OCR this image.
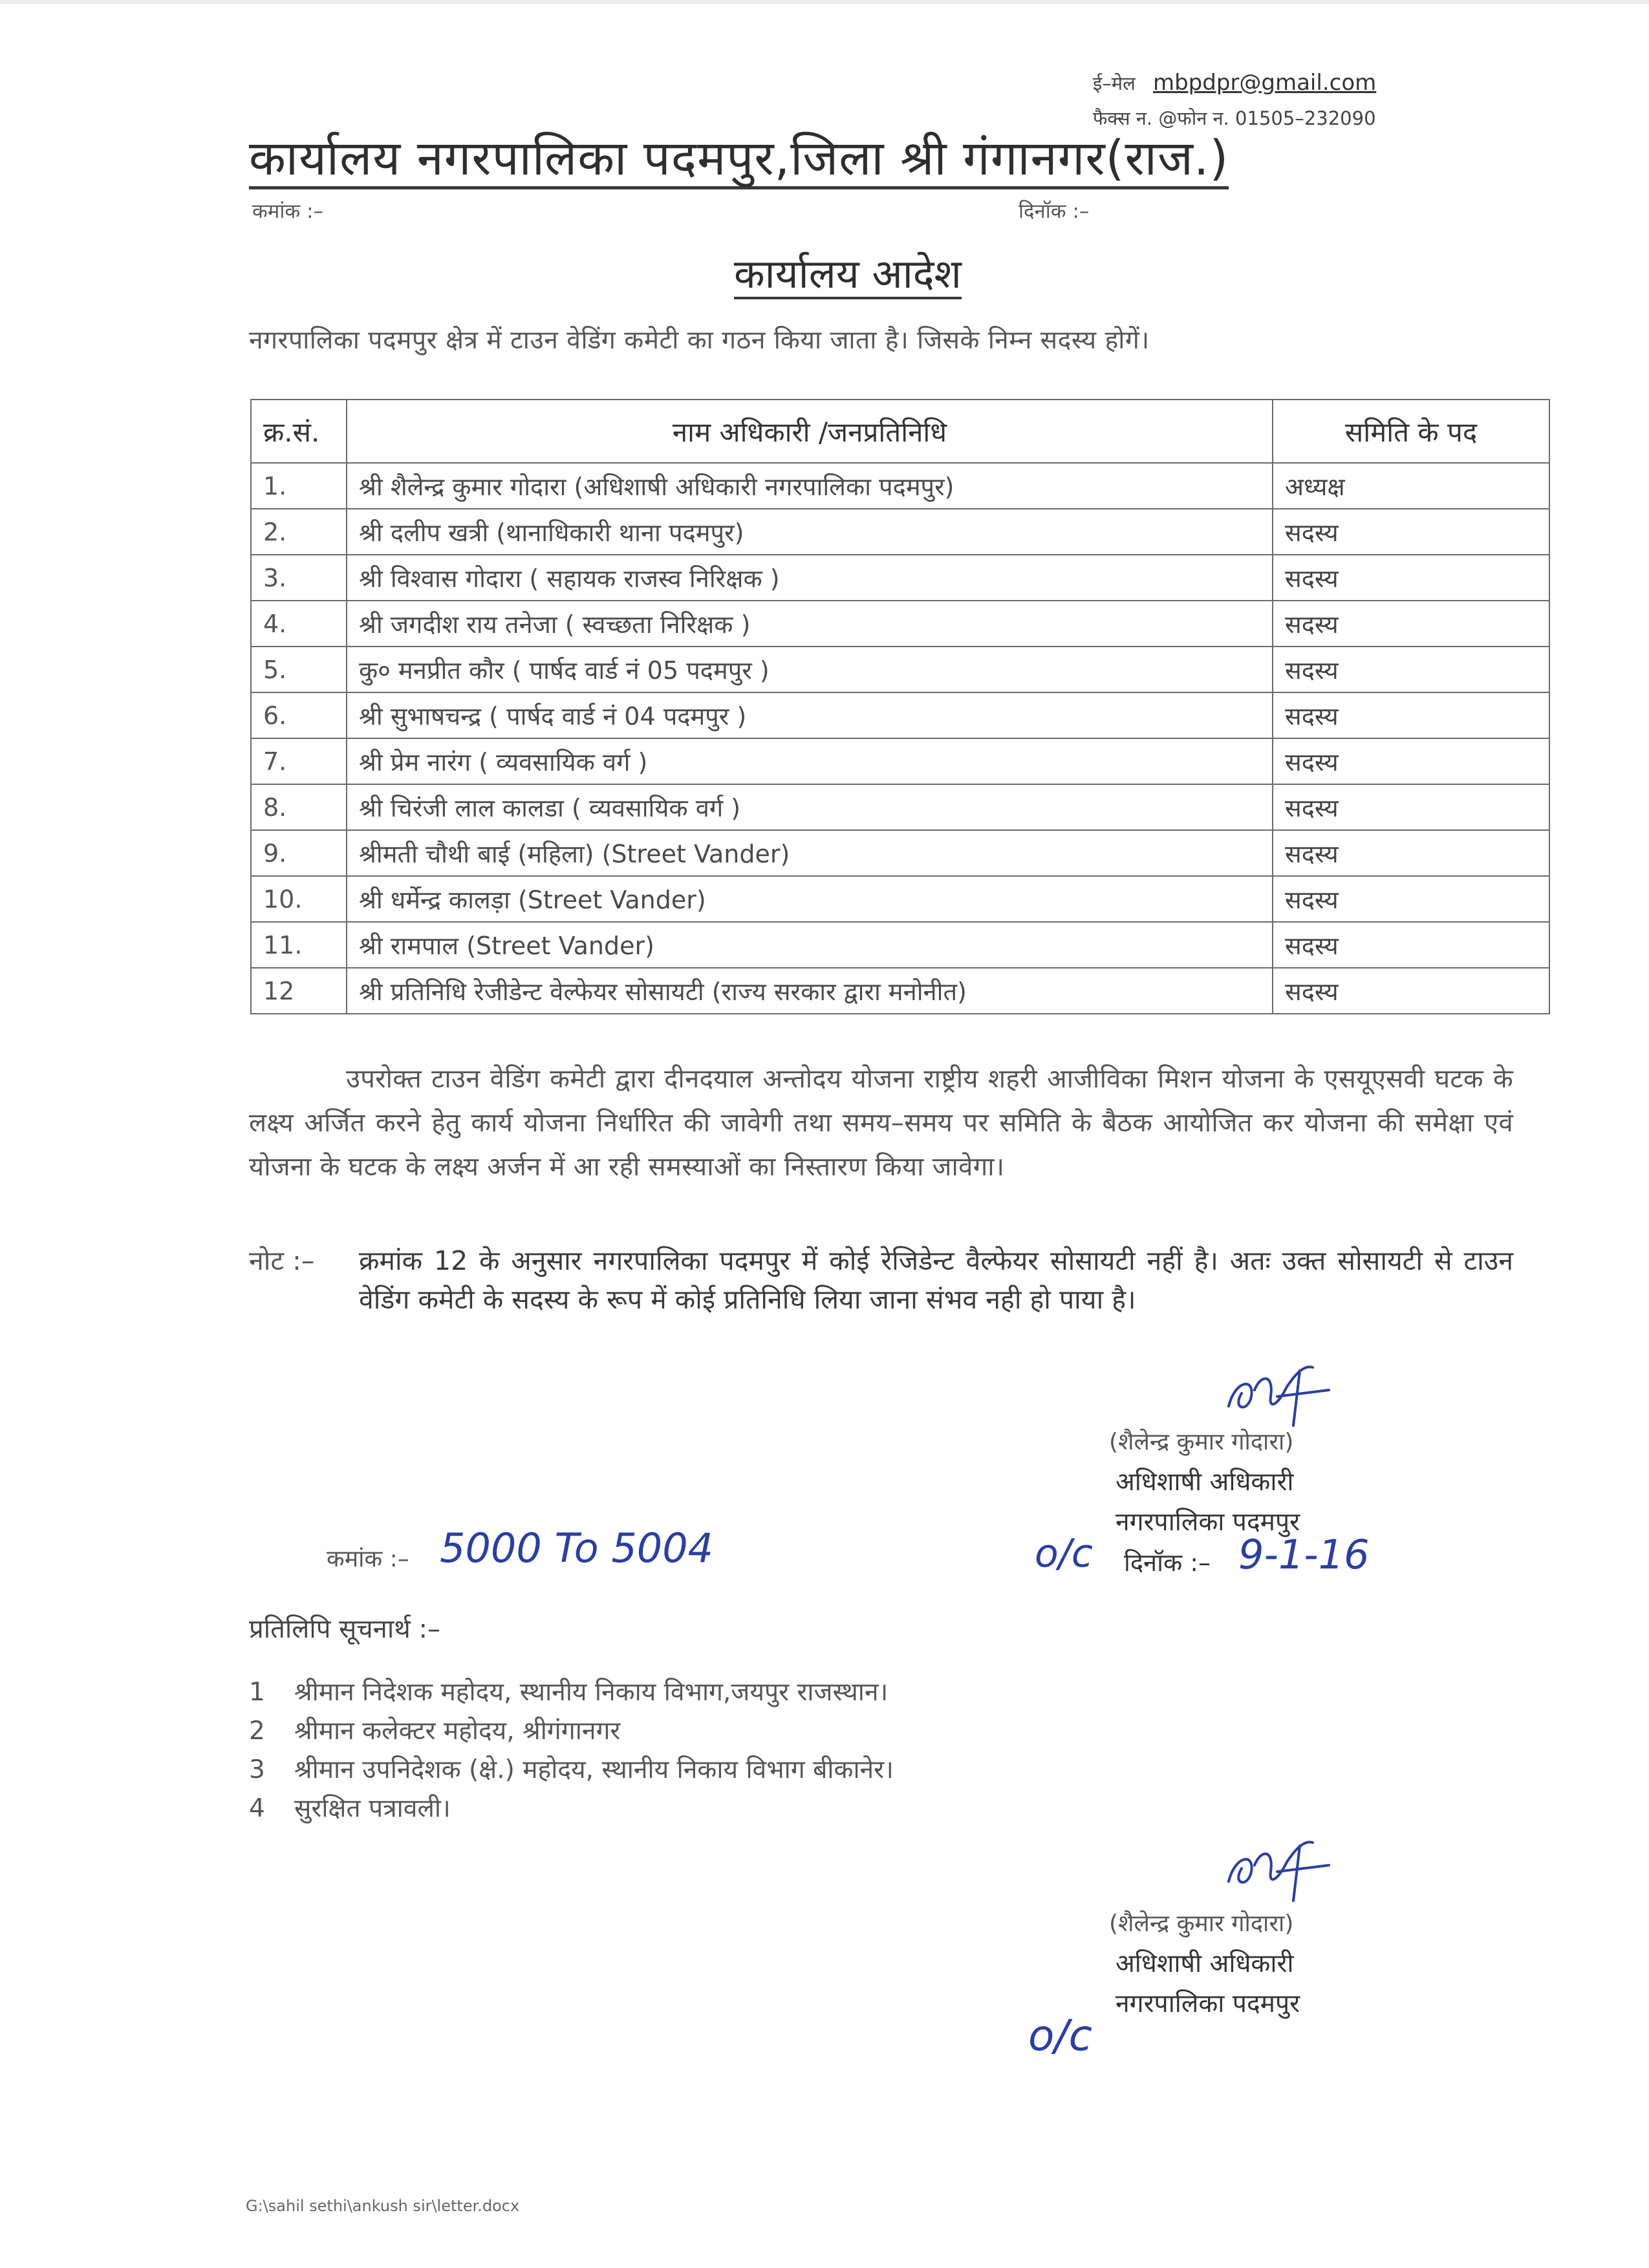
ई–मेल mbpdpr@gmail.com
फैक्स न. @फोन न. 01505–232090
कार्यालय नगरपालिका पदमपुर,जिला श्री गंगानगर(राज.)
कमांक :–	दिनॉक :–
कार्यालय आदेश
नगरपालिका पदमपुर क्षेत्र में टाउन वेडिंग कमेटी का गठन किया जाता है। जिसके निम्न सदस्य होगें।
क्र.सं.	नाम अधिकारी /जनप्रतिनिधि	समिति के पद
1.	श्री शैलेन्द्र कुमार गोदारा (अधिशाषी अधिकारी नगरपालिका पदमपुर)	अध्यक्ष
2.	श्री दलीप खत्री (थानाधिकारी थाना पदमपुर)	सदस्य
3.	श्री विश्वास गोदारा ( सहायक राजस्व निरिक्षक )	सदस्य
4.	श्री जगदीश राय तनेजा ( स्वच्छता निरिक्षक )	सदस्य
5.	कु० मनप्रीत कौर ( पार्षद वार्ड नं 05 पदमपुर )	सदस्य
6.	श्री सुभाषचन्द्र ( पार्षद वार्ड नं 04 पदमपुर )	सदस्य
7.	श्री प्रेम नारंग ( व्यवसायिक वर्ग )	सदस्य
8.	श्री चिरंजी लाल कालडा ( व्यवसायिक वर्ग )	सदस्य
9.	श्रीमती चौथी बाई (महिला) (Street Vander)	सदस्य
10.	श्री धर्मेन्द्र कालड़ा (Street Vander)	सदस्य
11.	श्री रामपाल (Street Vander)	सदस्य
12	श्री प्रतिनिधि रेजीडेन्ट वेल्फेयर सोसायटी (राज्य सरकार द्वारा मनोनीत)	सदस्य
उपरोक्त टाउन वेडिंग कमेटी द्वारा दीनदयाल अन्तोदय योजना राष्ट्रीय शहरी आजीविका मिशन योजना के एसयूएसवी घटक के लक्ष्य अर्जित करने हेतु कार्य योजना निर्धारित की जावेगी तथा समय–समय पर समिति के बैठक आयोजित कर योजना की समेक्षा एवं योजना के घटक के लक्ष्य अर्जन में आ रही समस्याओं का निस्तारण किया जावेगा।
नोट :– क्रमांक 12 के अनुसार नगरपालिका पदमपुर में कोई रेजिडेन्ट वैल्फेयर सोसायटी नहीं है। अतः उक्त सोसायटी से टाउन वेडिंग कमेटी के सदस्य के रूप में कोई प्रतिनिधि लिया जाना संभव नही हो पाया है।
(शैलेन्द्र कुमार गोदारा)
अधिशाषी अधिकारी
नगरपालिका पदमपुर
कमांक :– 5000 To 5004	o/c दिनॉक :– 9-1-16
प्रतिलिपि सूचनार्थ :–
1 श्रीमान निदेशक महोदय, स्थानीय निकाय विभाग,जयपुर राजस्थान।
2 श्रीमान कलेक्टर महोदय, श्रीगंगानगर
3 श्रीमान उपनिदेशक (क्षे.) महोदय, स्थानीय निकाय विभाग बीकानेर।
4 सुरक्षित पत्रावली।
(शैलेन्द्र कुमार गोदारा)
अधिशाषी अधिकारी
नगरपालिका पदमपुर
o/c
G:\sahil sethi\ankush sir\letter.docx
